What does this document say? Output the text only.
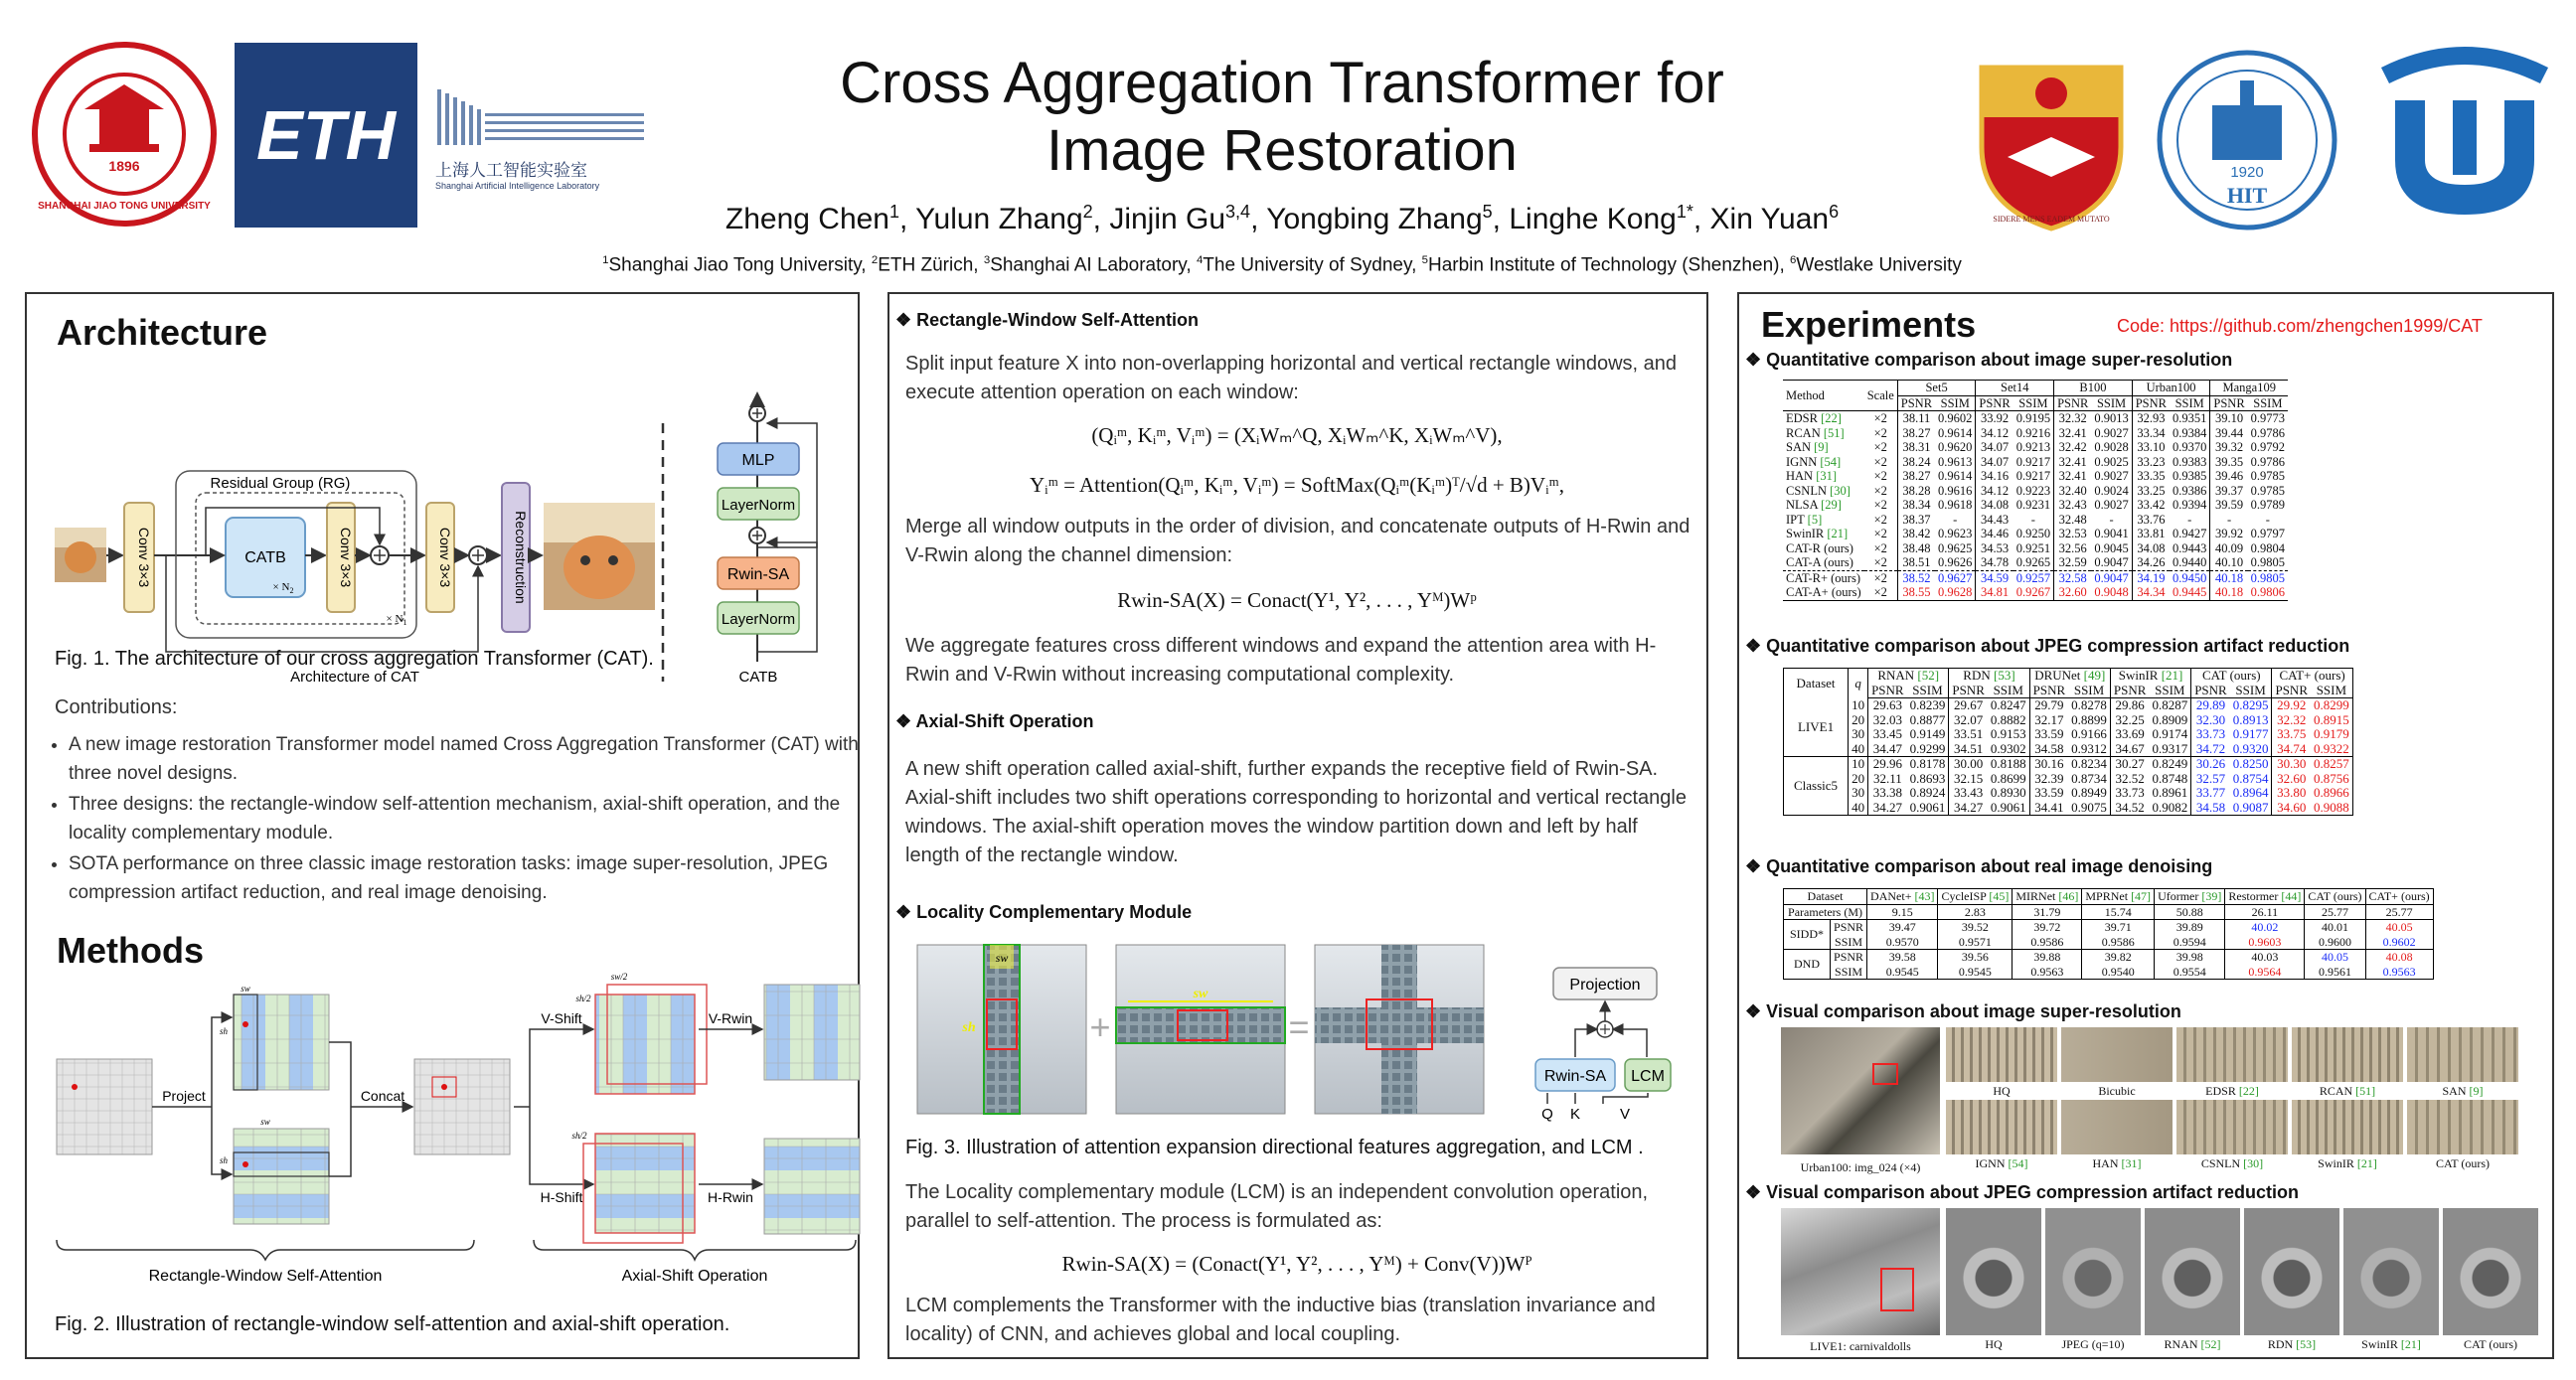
1896
SHANGHAI JIAO TONG UNIVERSITY
ETH 上海人工智能实验室
Shanghai Artificial Intelligence Laboratory
Cross Aggregation Transformer for
Image Restoration
Zheng Chen$^1$, Yulun Zhang$^2$, Jinjin Gu$^{3,4}$, Yongbing Zhang$^5$, Linghe Kong$^{1*}$, Xin Yuan$^6$
$^1$Shanghai Jiao Tong University, $^2$ETH Zürich, $^3$Shanghai AI Laboratory, $^4$The University of Sydney, $^5$Harbin Institute of Technology (Shenzhen), $^6$Westlake University
SIDERE MENS EADEM MUTATO
1920
HIT
Architecture
Conv 3×3
Residual Group (RG)
CATB
× $N_2$
Conv 3×3
× $N_1$
Conv 3×3	Reconstruction
Architecture of CAT
MLP
LayerNorm
Rwin-SA
LayerNorm
CATB
Fig. 1. The architecture of our cross aggregation Transformer (CAT).
Contributions:
• A new image restoration Transformer model named Cross Aggregation Transformer (CAT) with three novel designs.
• Three designs: the rectangle-window self-attention mechanism, axial-shift operation, and the locality complementary module.
• SOTA performance on three classic image restoration tasks: image super-resolution, JPEG compression artifact reduction, and real image denoising.
Methods
Project
sw
sh
sw
sh
Concat
V-Shift
H-Shift
sw/2
sh/2
sh/2
V-Rwin
H-Rwin
Rectangle-Window Self-Attention	Axial-Shift Operation
Fig. 2. Illustration of rectangle-window self-attention and axial-shift operation.
❖ Rectangle-Window Self-Attention
Split input feature X into non-overlapping horizontal and vertical rectangle windows, and execute attention operation on each window:
(Qᵢᵐ, Kᵢᵐ, Vᵢᵐ) = (XᵢWₘ^Q, XᵢWₘ^K, XᵢWₘ^V),
Yᵢᵐ = Attention(Qᵢᵐ, Kᵢᵐ, Vᵢᵐ) = SoftMax(Qᵢᵐ(Kᵢᵐ)ᵀ/√d + B)Vᵢᵐ,
Merge all window outputs in the order of division, and concatenate outputs of H-Rwin and V-Rwin along the channel dimension:
Rwin-SA(X) = Conact(Y¹, Y², . . . , Yᴹ)Wᵖ
We aggregate features cross different windows and expand the attention area with H-Rwin and V-Rwin without increasing computational complexity.
❖ Axial-Shift Operation
A new shift operation called axial-shift, further expands the receptive field of Rwin-SA. Axial-shift includes two shift operations corresponding to horizontal and vertical rectangle windows. The axial-shift operation moves the window partition down and left by half length of the rectangle window.
❖ Locality Complementary Module
sw
sh	+
sw
=
Projection
Rwin-SA LCM
Q K	V
Fig. 3. Illustration of attention expansion directional features aggregation, and LCM .
The Locality complementary module (LCM) is an independent convolution operation, parallel to self-attention. The process is formulated as:
Rwin-SA(X) = (Conact(Y¹, Y², . . . , Yᴹ) + Conv(V))Wᴾ
LCM complements the Transformer with the inductive bias (translation invariance and locality) of CNN, and achieves global and local coupling.
Experiments	Code: https://github.com/zhengchen1999/CAT
❖ Quantitative comparison about image super-resolution
Method	Scale	Set5		Set14		B100		Urban100		Manga109	
		PSNR	SSIM	PSNR	SSIM	PSNR	SSIM	PSNR	SSIM	PSNR	SSIM
EDSR [22]	×2	38.11	0.9602	33.92	0.9195	32.32	0.9013	32.93	0.9351	39.10	0.9773
RCAN [51]	×2	38.27	0.9614	34.12	0.9216	32.41	0.9027	33.34	0.9384	39.44	0.9786
SAN [9]	×2	38.31	0.9620	34.07	0.9213	32.42	0.9028	33.10	0.9370	39.32	0.9792
IGNN [54]	×2	38.24	0.9613	34.07	0.9217	32.41	0.9025	33.23	0.9383	39.35	0.9786
HAN [31]	×2	38.27	0.9614	34.16	0.9217	32.41	0.9027	33.35	0.9385	39.46	0.9785
CSNLN [30]	×2	38.28	0.9616	34.12	0.9223	32.40	0.9024	33.25	0.9386	39.37	0.9785
NLSA [29]	×2	38.34	0.9618	34.08	0.9231	32.43	0.9027	33.42	0.9394	39.59	0.9789
IPT [5]	×2	38.37	-	34.43	-	32.48	-	33.76	-	-	-
SwinIR [21]	×2	38.42	0.9623	34.46	0.9250	32.53	0.9041	33.81	0.9427	39.92	0.9797
CAT-R (ours)	×2	38.48	0.9625	34.53	0.9251	32.56	0.9045	34.08	0.9443	40.09	0.9804
CAT-A (ours)	×2	38.51	0.9626	34.78	0.9265	32.59	0.9047	34.26	0.9440	40.10	0.9805
CAT-R+ (ours)	×2	38.52	0.9627	34.59	0.9257	32.58	0.9047	34.19	0.9450	40.18	0.9805
CAT-A+ (ours)	×2	38.55	0.9628	34.81	0.9267	32.60	0.9048	34.34	0.9445	40.18	0.9806
❖ Quantitative comparison about JPEG compression artifact reduction
Dataset	q	RNAN [52]		RDN [53]		DRUNet [49]		SwinIR [21]		CAT (ours)		CAT+ (ours)	
		PSNR	SSIM	PSNR	SSIM	PSNR	SSIM	PSNR	SSIM	PSNR	SSIM	PSNR	SSIM
LIVE1	10	29.63	0.8239	29.67	0.8247	29.79	0.8278	29.86	0.8287	29.89	0.8295	29.92	0.8299
	20	32.03	0.8877	32.07	0.8882	32.17	0.8899	32.25	0.8909	32.30	0.8913	32.32	0.8915
	30	33.45	0.9149	33.51	0.9153	33.59	0.9166	33.69	0.9174	33.73	0.9177	33.75	0.9179
	40	34.47	0.9299	34.51	0.9302	34.58	0.9312	34.67	0.9317	34.72	0.9320	34.74	0.9322
Classic5	10	29.96	0.8178	30.00	0.8188	30.16	0.8234	30.27	0.8249	30.26	0.8250	30.30	0.8257
	20	32.11	0.8693	32.15	0.8699	32.39	0.8734	32.52	0.8748	32.57	0.8754	32.60	0.8756
	30	33.38	0.8924	33.43	0.8930	33.59	0.8949	33.73	0.8961	33.77	0.8964	33.80	0.8966
	40	34.27	0.9061	34.27	0.9061	34.41	0.9075	34.52	0.9082	34.58	0.9087	34.60	0.9088
❖ Quantitative comparison about real image denoising
Dataset		DANet+ [43]	CycleISP [45]	MIRNet [46]	MPRNet [47]	Uformer [39]	Restormer [44]	CAT (ours)	CAT+ (ours)
Parameters (M)		9.15	2.83	31.79	15.74	50.88	26.11	25.77	25.77
SIDD*	PSNR	39.47	39.52	39.72	39.71	39.89	40.02	40.01	40.05
	SSIM	0.9570	0.9571	0.9586	0.9586	0.9594	0.9603	0.9600	0.9602
DND	PSNR	39.58	39.56	39.88	39.82	39.98	40.03	40.05	40.08
	SSIM	0.9545	0.9545	0.9563	0.9540	0.9554	0.9564	0.9561	0.9563
❖ Visual comparison about image super-resolution
Urban100: img_024 (×4)
HQ	Bicubic	EDSR [22]	RCAN [51]	SAN [9]
IGNN [54]	HAN [31]	CSNLN [30]	SwinIR [21]	CAT (ours)
❖ Visual comparison about JPEG compression artifact reduction
LIVE1: carnivaldolls	HQ	JPEG (q=10)	RNAN [52]	RDN [53]	SwinIR [21]	CAT (ours)
